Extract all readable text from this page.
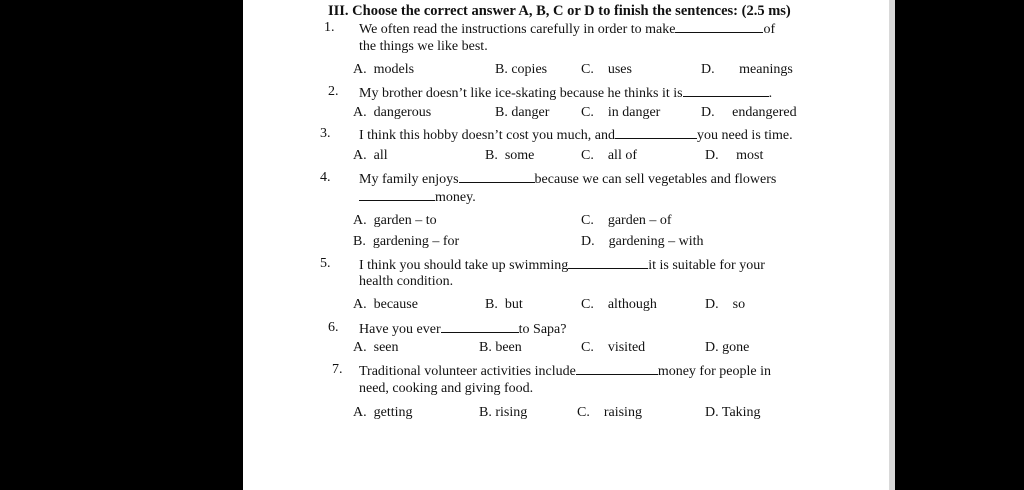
III. Choose the correct answer A, B, C or D to finish the sentences: (2.5 ms)
1. We often read the instructions carefully in order to make	of
the things we like best.
A. models	B. copies C. uses	D. meanings
2. My brother doesn’t like ice-skating because he thinks it is	.
A. dangerous	B. danger C. in danger	D. endangered
3. I think this hobby doesn’t cost you much, and	you need is time.
A. all	B. some	C. all of	D. most
4. My family enjoys	because we can sell vegetables and flowers
money.
A. garden – to	C. garden – of
B. gardening – for	D. gardening – with
5. I think you should take up swimming	it is suitable for your
health condition.
A. because	B. but	C. although	D. so
6. Have you ever	to Sapa?
A. seen	B. been	C. visited	D. gone
7. Traditional volunteer activities include	money for people in
need, cooking and giving food.
A. getting	B. rising	C. raising	D. Taking
